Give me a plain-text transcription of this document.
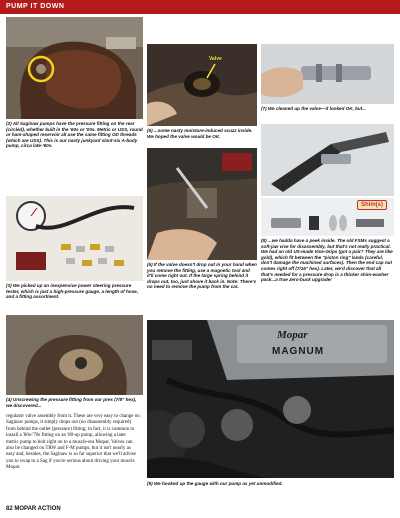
PUMP IT DOWN

(2) All Saginaw pumps have the pressure fitting on the rear (circled), whether built in the '60s or '00s. Metric or USS, round or ham-shaped reservoir all use the same fitting OD threads (which are USS). This is our nasty junkyard slant-six A-body pump, circa late-'60s.

(3) We picked up an inexpensive power steering pressure tester, which is just a high-pressure gauge, a length of hose, and a fitting assortment.

(4) Unscrewing the pressure fitting from our pres (7/8" hex), we discovered...

regulator valve assembly from it. These are very easy to change on Saginaw pumps, it simply drops out (no disassembly required) from behind the outlet (pressure) fitting; in fact, it is common to install a '80s-'70s fitting on an '80-up pump, allowing a later metric pump to bolt right on to a muscle-era Mopar. Valves can also be changed on TRW and F-M pumps, but it isn't nearly as easy and, besides, the Saginaw is so far superior that we'll advise you to swap to a Sag if you're serious about driving your muscle Mopar.

82 MOPAR ACTION
Valve

(5) ...some nasty moisture-induced scuzz inside. We hoped the valve would be OK.

(6) If the valve doesn't drop out in your hand when you remove the fitting, use a magnetic tool and it'll come right out. If the large spring behind it drops out, too, just shove it back in. Note: There's no need to remove the pump from the car.

(7) We cleaned up the valve—it looked OK, but...

Shim(s)

(8) ...we hadda have a peek inside. The old FSMs suggest a soft-jaw vise for disassembly, but that's not really practical. We had an old US-made Vise-Grips (got a pair? They are like gold), which fit between the "piston ring" lands (careful, don't damage the machined surfaces). Then the end cap nut comes right off (7/16" hex). Later, we'd discover that all that's needed for a pressure drop is a thicker shim-washer pack...a true zero-buck upgrade!

Mopar
MAGNUM

(9) We hooked up the gauge with our pump as yet unmodified.
